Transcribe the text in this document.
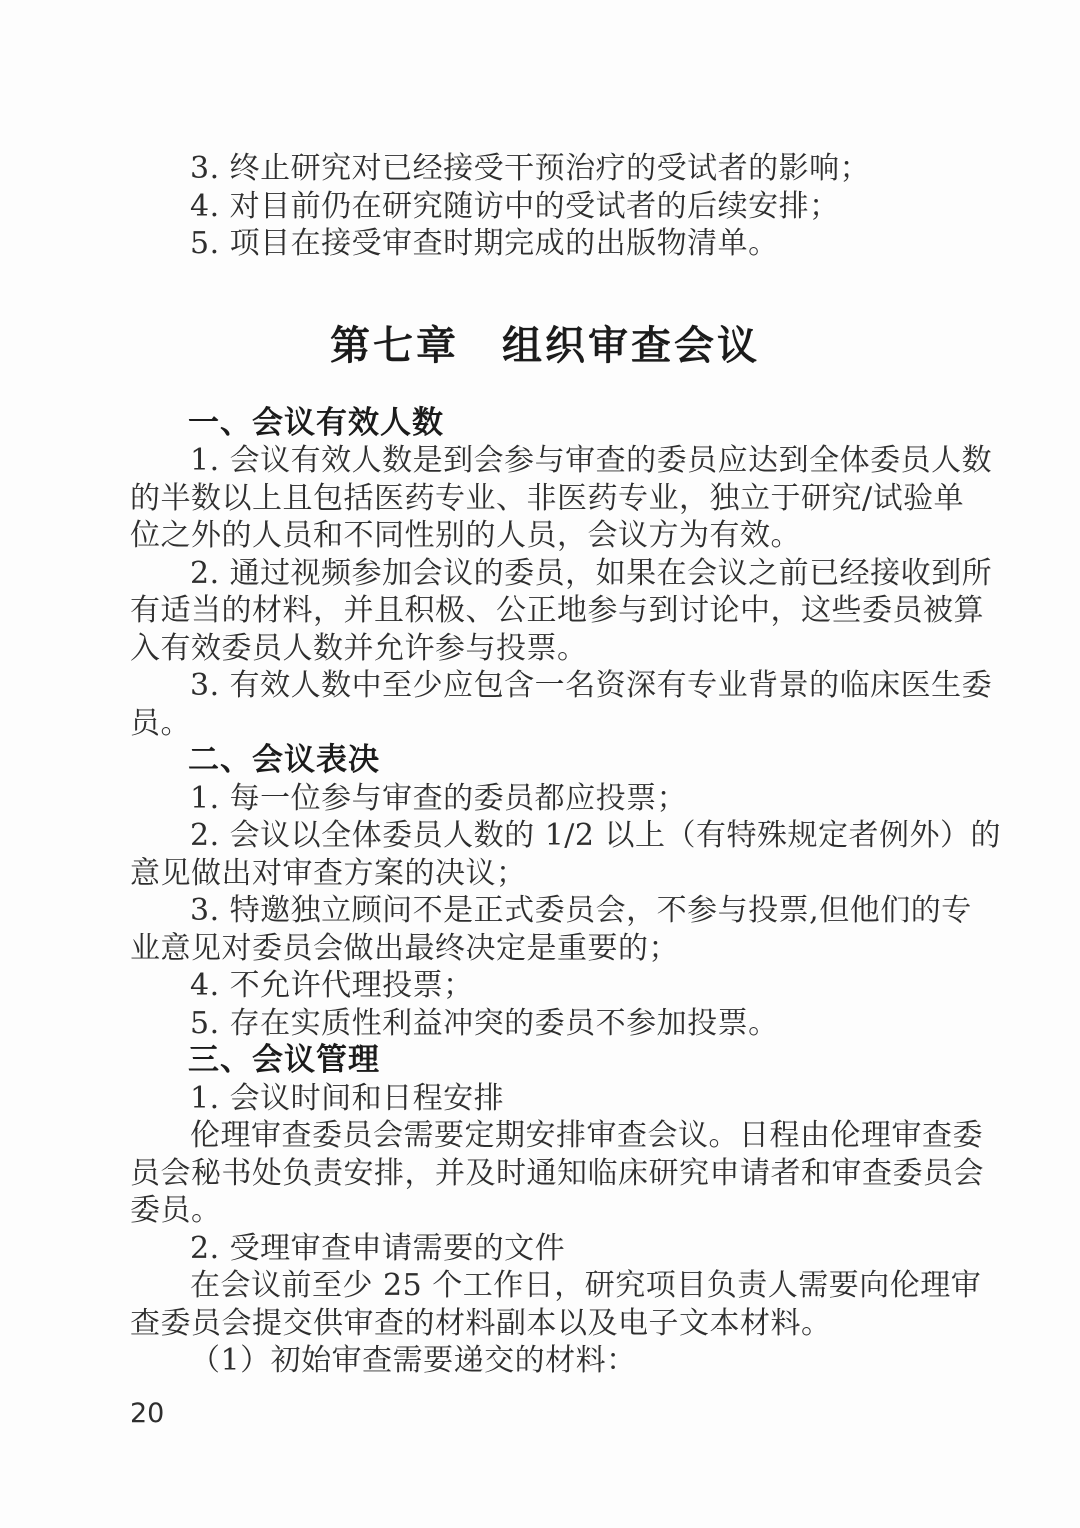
3. 终止研究对已经接受干预治疗的受试者的影响；
4. 对目前仍在研究随访中的受试者的后续安排；
5. 项目在接受审查时期完成的出版物清单。
第七章　组织审查会议
一、会议有效人数
1. 会议有效人数是到会参与审查的委员应达到全体委员人数
的半数以上且包括医药专业、非医药专业，独立于研究/试验单
位之外的人员和不同性别的人员，会议方为有效。
2. 通过视频参加会议的委员，如果在会议之前已经接收到所
有适当的材料，并且积极、公正地参与到讨论中，这些委员被算
入有效委员人数并允许参与投票。
3. 有效人数中至少应包含一名资深有专业背景的临床医生委
员。
二、会议表决
1. 每一位参与审查的委员都应投票；
2. 会议以全体委员人数的 1/2 以上（有特殊规定者例外）的
意见做出对审查方案的决议；
3. 特邀独立顾问不是正式委员会，不参与投票,但他们的专
业意见对委员会做出最终决定是重要的；
4. 不允许代理投票；
5. 存在实质性利益冲突的委员不参加投票。
三、会议管理
1. 会议时间和日程安排
伦理审查委员会需要定期安排审查会议。日程由伦理审查委
员会秘书处负责安排，并及时通知临床研究申请者和审查委员会
委员。
2. 受理审查申请需要的文件
在会议前至少 25 个工作日，研究项目负责人需要向伦理审
查委员会提交供审查的材料副本以及电子文本材料。
（1）初始审查需要递交的材料：
20
